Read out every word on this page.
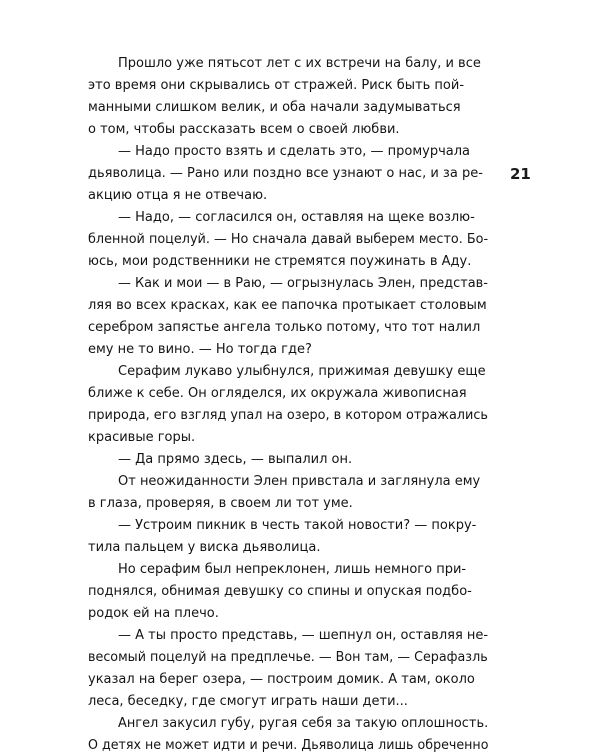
Прошло уже пятьсот лет с их встречи на балу, и все
это время они скрывались от стражей. Риск быть пой-
манными слишком велик, и оба начали задумываться
о том, чтобы рассказать всем о своей любви.
— Надо просто взять и сделать это, — промурчала
дьяволица. — Рано или поздно все узнают о нас, и за ре-
акцию отца я не отвечаю.
— Надо, — согласился он, оставляя на щеке возлю-
бленной поцелуй. — Но сначала давай выберем место. Бо-
юсь, мои родственники не стремятся поужинать в Аду.
— Как и мои — в Раю, — огрызнулась Элен, представ-
ляя во всех красках, как ее папочка протыкает столовым
серебром запястье ангела только потому, что тот налил
ему не то вино. — Но тогда где?
Серафим лукаво улыбнулся, прижимая девушку еще
ближе к себе. Он огляделся, их окружала живописная
природа, его взгляд упал на озеро, в котором отражались
красивые горы.
— Да прямо здесь, — выпалил он.
От неожиданности Элен привстала и заглянула ему
в глаза, проверяя, в своем ли тот уме.
— Устроим пикник в честь такой новости? — покру-
тила пальцем у виска дьяволица.
Но серафим был непреклонен, лишь немного при-
поднялся, обнимая девушку со спины и опуская подбо-
родок ей на плечо.
— А ты просто представь, — шепнул он, оставляя не-
весомый поцелуй на предплечье. — Вон там, — Серафазль
указал на берег озера, — построим домик. А там, около
леса, беседку, где смогут играть наши дети...
Ангел закусил губу, ругая себя за такую оплошность.
О детях не может идти и речи. Дьяволица лишь обреченно
21
